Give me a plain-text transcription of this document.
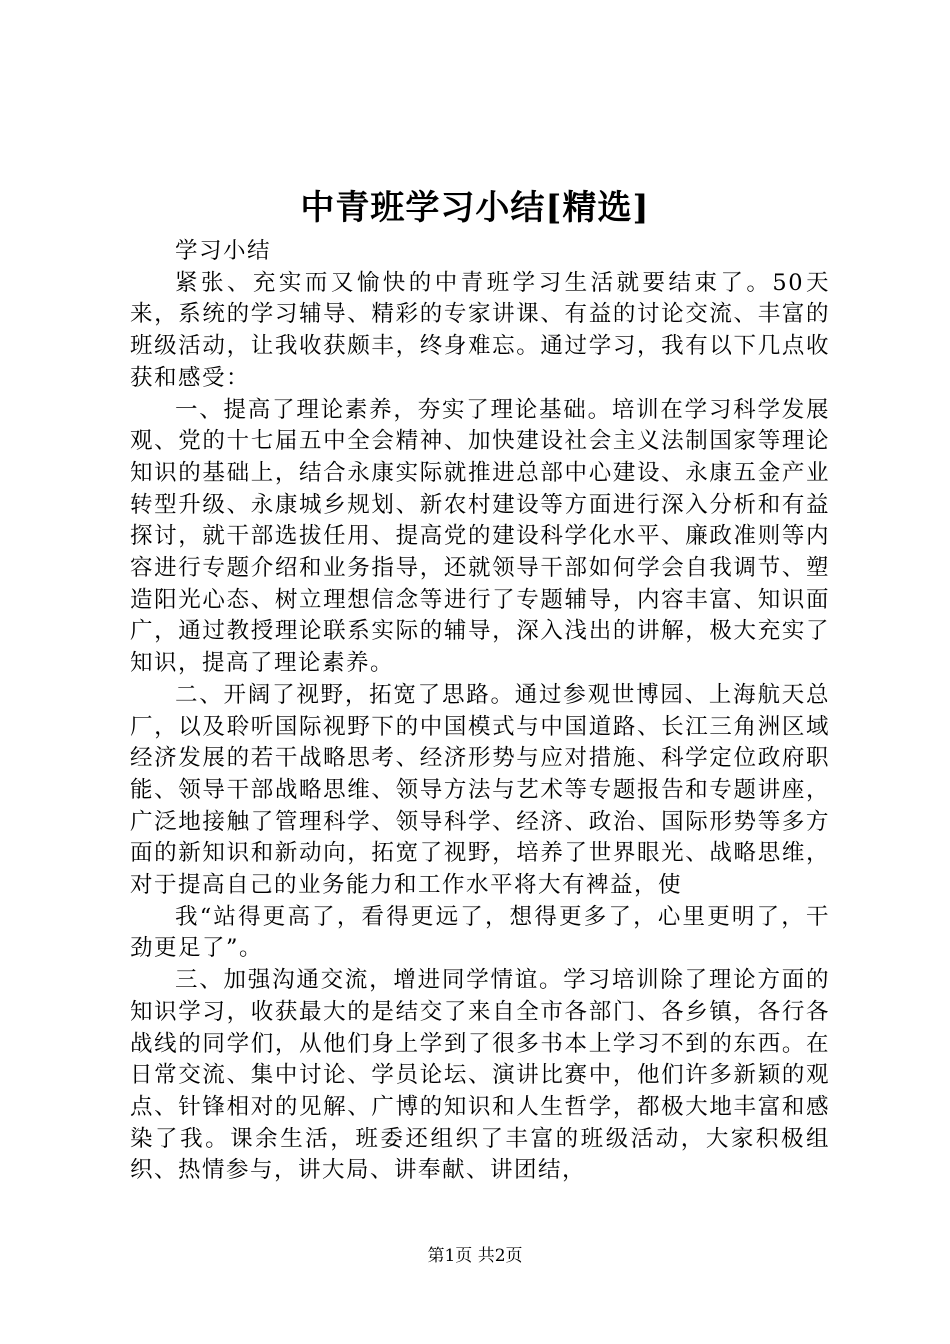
中青班学习小结[精选]

学习小结

紧张、充实而又愉快的中青班学习生活就要结束了。50天来，系统的学习辅导、精彩的专家讲课、有益的讨论交流、丰富的班级活动，让我收获颇丰，终身难忘。通过学习，我有以下几点收获和感受：

一、提高了理论素养，夯实了理论基础。培训在学习科学发展观、党的十七届五中全会精神、加快建设社会主义法制国家等理论知识的基础上，结合永康实际就推进总部中心建设、永康五金产业转型升级、永康城乡规划、新农村建设等方面进行深入分析和有益探讨，就干部选拔任用、提高党的建设科学化水平、廉政准则等内容进行专题介绍和业务指导，还就领导干部如何学会自我调节、塑造阳光心态、树立理想信念等进行了专题辅导，内容丰富、知识面广，通过教授理论联系实际的辅导，深入浅出的讲解，极大充实了知识，提高了理论素养。

二、开阔了视野，拓宽了思路。通过参观世博园、上海航天总厂，以及聆听国际视野下的中国模式与中国道路、长江三角洲区域经济发展的若干战略思考、经济形势与应对措施、科学定位政府职能、领导干部战略思维、领导方法与艺术等专题报告和专题讲座，广泛地接触了管理科学、领导科学、经济、政治、国际形势等多方面的新知识和新动向，拓宽了视野，培养了世界眼光、战略思维，对于提高自己的业务能力和工作水平将大有裨益，使

我“站得更高了，看得更远了，想得更多了，心里更明了，干劲更足了”。

三、加强沟通交流，增进同学情谊。学习培训除了理论方面的知识学习，收获最大的是结交了来自全市各部门、各乡镇，各行各战线的同学们，从他们身上学到了很多书本上学习不到的东西。在日常交流、集中讨论、学员论坛、演讲比赛中，他们许多新颖的观点、针锋相对的见解、广博的知识和人生哲学，都极大地丰富和感染了我。课余生活，班委还组织了丰富的班级活动，大家积极组织、热情参与，讲大局、讲奉献、讲团结，

第1页 共2页
